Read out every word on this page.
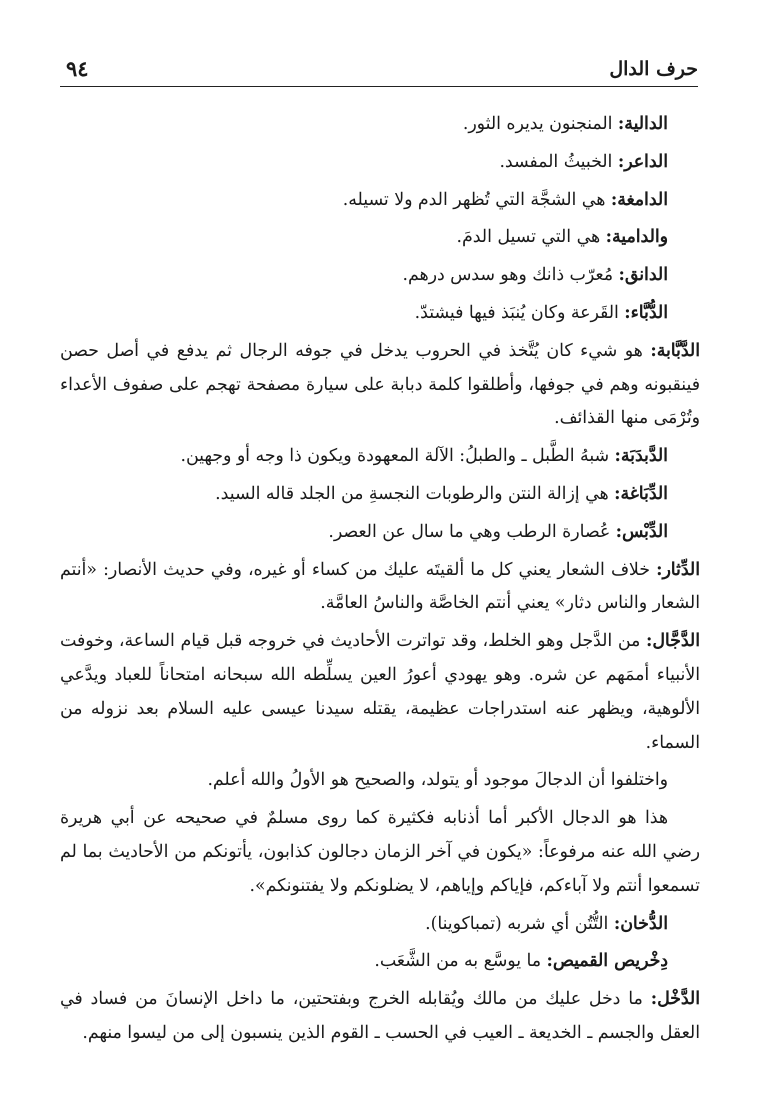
٩٤	حرف الدال

الدالية: المنجنون يديره الثور.

الداعر: الخبيثُ المفسد.

الدامغة: هي الشجَّة التي تُظهر الدم ولا تسيله.

والدامية: هي التي تسيل الدمَ.

الدانق: مُعرّب ذانك وهو سدس درهم.

الدُّبَّاء: القَرعة وكان يُنبَذ فيها فيشتدّ.

الدَّبَّابة: هو شيء كان يُتَّخذ في الحروب يدخل في جوفه الرجال ثم يدفع في أصل حصن فينقبونه وهم في جوفها، وأطلقوا كلمة دبابة على سيارة مصفحة تهجم على صفوف الأعداء وتُرْمَى منها القذائف.

الدَّبدَبَة: شبهُ الطَّبل ـ والطبلُ: الآلة المعهودة ويكون ذا وجه أو وجهين.

الدِّبَاغة: هي إزالة النتن والرطوبات النجسةِ من الجلد قاله السيد.

الدِّبْس: عُصارة الرطب وهي ما سال عن العصر.

الدِّثار: خلاف الشعار يعني كل ما ألقيتَه عليك من كساء أو غيره، وفي حديث الأنصار: «أنتم الشعار والناس دثار» يعني أنتم الخاصَّة والناسُ العامَّة.

الدَّجَّال: من الدَّجل وهو الخلط، وقد تواترت الأحاديث في خروجه قبل قيام الساعة، وخوفت الأنبياء أممَهم عن شره. وهو يهودي أعورُ العين يسلِّطه الله سبحانه امتحاناً للعباد ويدَّعي الألوهية، ويظهر عنه استدراجات عظيمة، يقتله سيدنا عيسى عليه السلام بعد نزوله من السماء.

واختلفوا أن الدجالَ موجود أو يتولد، والصحيح هو الأولُ والله أعلم.

هذا هو الدجال الأكبر أما أذنابه فكثيرة كما روى مسلمٌ في صحيحه عن أبي هريرة رضي الله عنه مرفوعاً: «يكون في آخر الزمان دجالون كذابون، يأتونكم من الأحاديث بما لم تسمعوا أنتم ولا آباءكم، فإياكم وإياهم، لا يضلونكم ولا يفتنونكم».

الدُّخان: التُّتُن أي شربه (تمباكوينا).

دِخْريص القميص: ما يوسَّع به من الشَّعَب.

الدَّخْل: ما دخل عليك من مالك ويُقابله الخرج وبفتحتين، ما داخل الإنسانَ من فساد في العقل والجسم ـ الخديعة ـ العيب في الحسب ـ القوم الذين ينسبون إلى من ليسوا منهم.
